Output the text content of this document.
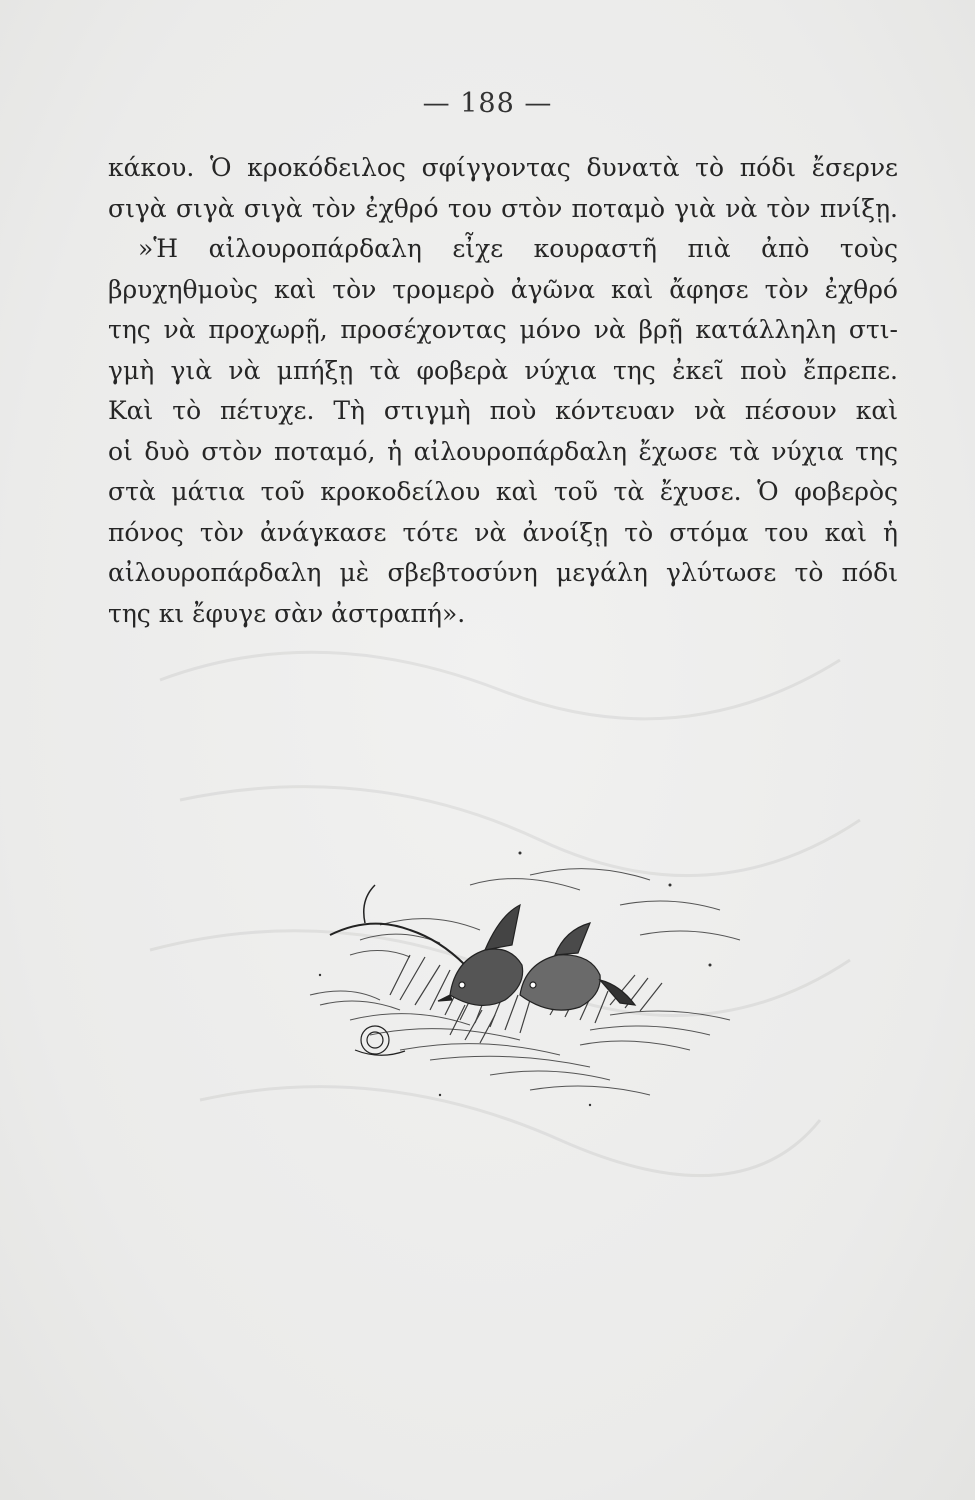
— 188 —
κάκου. Ὁ κροκόδειλος σφίγγοντας δυνατὰ τὸ πόδι ἔσερνε
σιγὰ σιγὰ σιγὰ τὸν ἐχθρό του στὸν ποταμὸ γιὰ νὰ τὸν πνίξῃ.
»Ἡ αἰλουροπάρδαλη εἶχε κουραστῆ πιὰ ἀπὸ τοὺς
βρυχηθμοὺς καὶ τὸν τρομερὸ ἀγῶνα καὶ ἄφησε τὸν ἐχθρό
της νὰ προχωρῇ, προσέχοντας μόνο νὰ βρῇ κατάλληλη στι-
γμὴ γιὰ νὰ μπήξῃ τὰ φοβερὰ νύχια της ἐκεῖ ποὺ ἔπρεπε.
Καὶ τὸ πέτυχε. Τὴ στιγμὴ ποὺ κόντευαν νὰ πέσουν καὶ
οἱ δυὸ στὸν ποταμό, ἡ αἰλουροπάρδαλη ἔχωσε τὰ νύχια της
στὰ μάτια τοῦ κροκοδείλου καὶ τοῦ τὰ ἔχυσε. Ὁ φοβερὸς
πόνος τὸν ἀνάγκασε τότε νὰ ἀνοίξῃ τὸ στόμα του καὶ ἡ
αἰλουροπάρδαλη μὲ σβεβτοσύνη μεγάλη γλύτωσε τὸ πόδι
της κι ἔφυγε σὰν ἀστραπή».
